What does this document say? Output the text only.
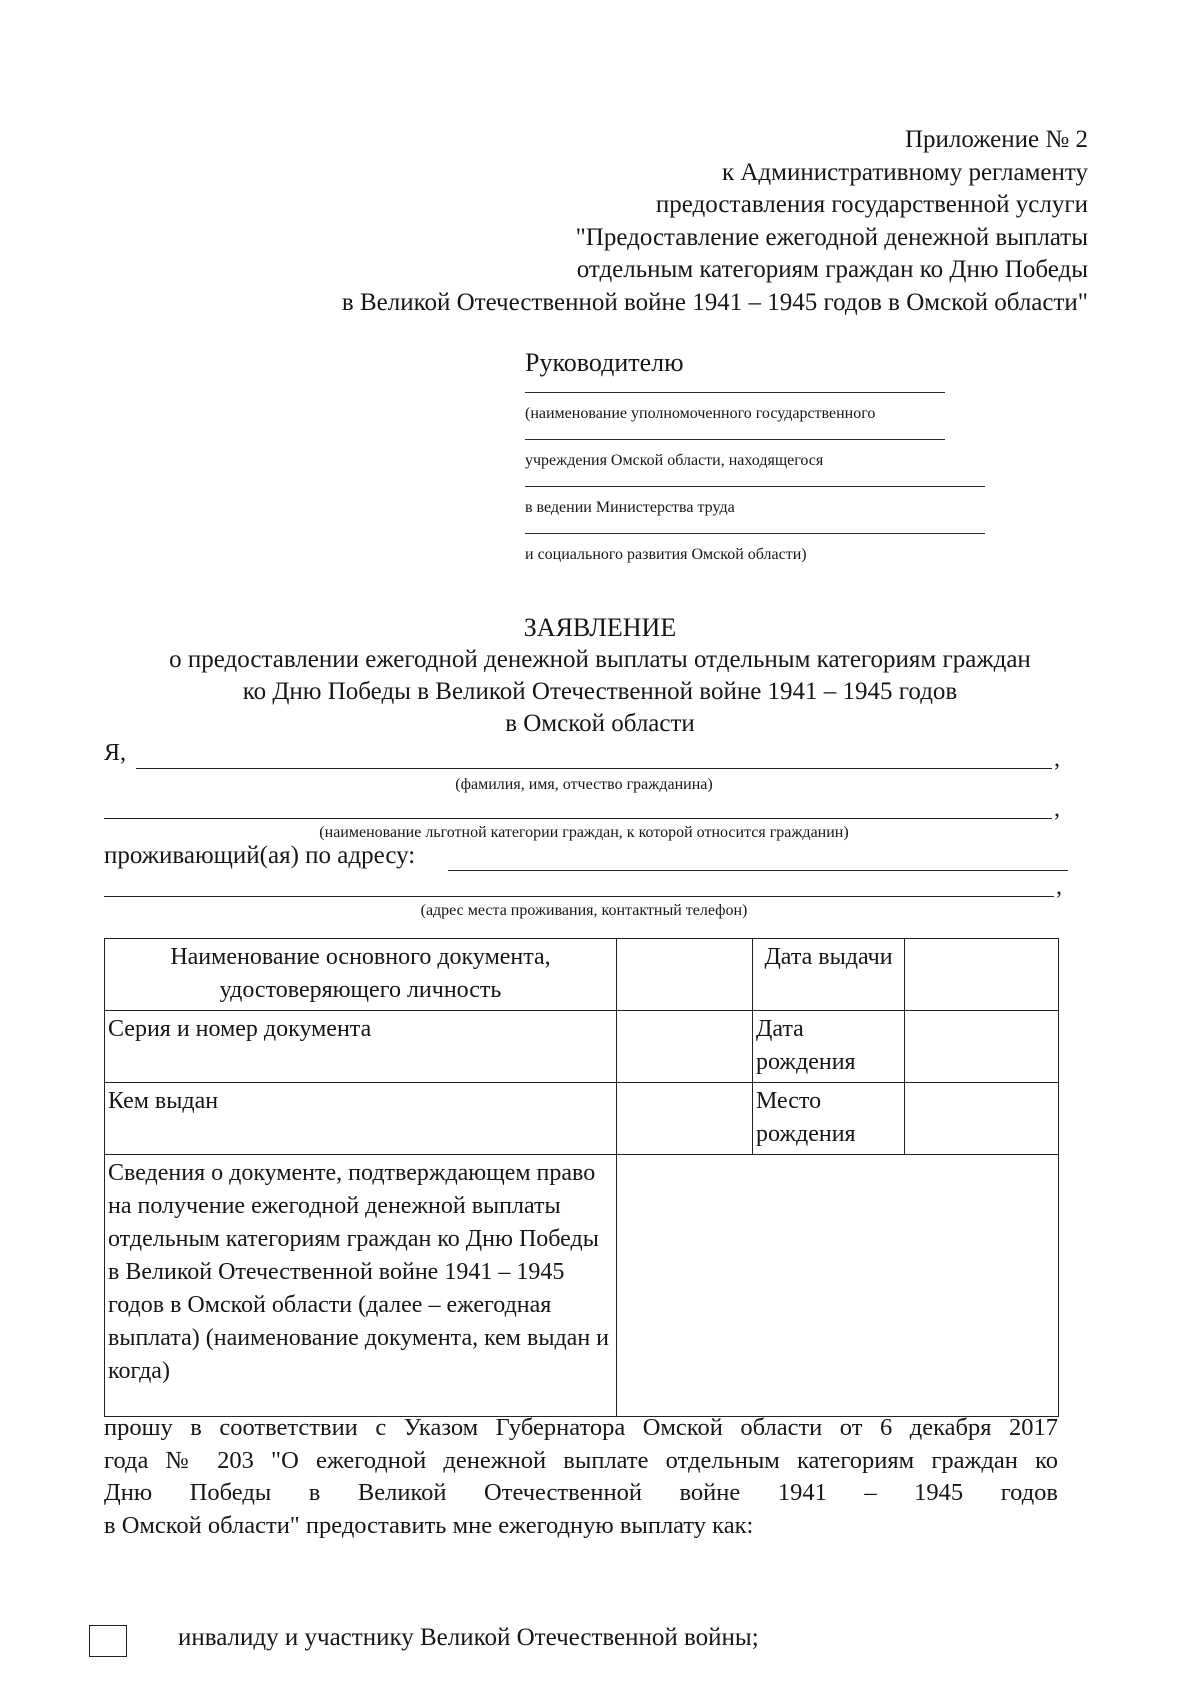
Приложение № 2
к Административному регламенту
предоставления государственной услуги
"Предоставление ежегодной денежной выплаты
отдельным категориям граждан ко Дню Победы
в Великой Отечественной войне 1941 – 1945 годов в Омской области"
Руководителю
(наименование уполномоченного государственного
учреждения Омской области, находящегося
в ведении Министерства труда
и социального развития Омской области)
ЗАЯВЛЕНИЕ
о предоставлении ежегодной денежной выплаты отдельным категориям граждан
ко Дню Победы в Великой Отечественной войне 1941 – 1945 годов
в Омской области
Я,	,
(фамилия, имя, отчество гражданина)
,
(наименование льготной категории граждан, к которой относится гражданин)
проживающий(ая) по адресу:
,
(адрес места проживания, контактный телефон)
Наименование основного документа, удостоверяющего личность		Дата выдачи	
Серия и номер документа		Дата рождения	
Кем выдан		Место рождения	
Сведения о документе, подтверждающем право на получение ежегодной денежной выплаты отдельным категориям граждан ко Дню Победы в Великой Отечественной войне 1941 – 1945 годов в Омской области (далее – ежегодная выплата) (наименование документа, кем выдан и когда)			
прошу в соответствии с Указом Губернатора Омской области от 6 декабря 2017
года № 203 "О ежегодной денежной выплате отдельным категориям граждан ко
Дню Победы в Великой Отечественной войне 1941 – 1945 годов
в Омской области" предоставить мне ежегодную выплату как:
инвалиду и участнику Великой Отечественной войны;
